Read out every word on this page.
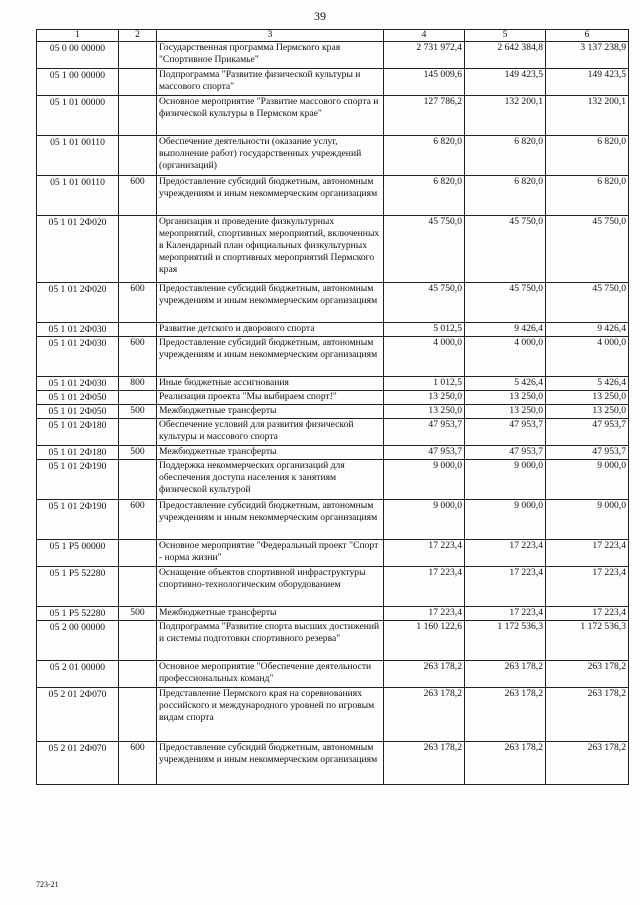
39
1	2	3	4	5	6
05 0 00 00000		Государственная программа Пермского края "Спортивное Прикамье"	2 731 972,4	2 642 384,8	3 137 238,9
05 1 00 00000		Подпрограмма "Развитие физической культуры и массового спорта"	145 009,6	149 423,5	149 423,5
05 1 01 00000		Основное мероприятие "Развитие массового спорта и физической культуры в Пермском крае"	127 786,2	132 200,1	132 200,1
05 1 01 00110		Обеспечение деятельности (оказание услуг, выполнение работ) государственных учреждений (организаций)	6 820,0	6 820,0	6 820,0
05 1 01 00110	600	Предоставление субсидий бюджетным, автономным учреждениям и иным некоммерческим организациям	6 820,0	6 820,0	6 820,0
05 1 01 2Ф020		Организация и проведение физкультурных мероприятий, спортивных мероприятий, включенных в Календарный план официальных физкультурных мероприятий и спортивных мероприятий Пермского края	45 750,0	45 750,0	45 750,0
05 1 01 2Ф020	600	Предоставление субсидий бюджетным, автономным учреждениям и иным некоммерческим организациям	45 750,0	45 750,0	45 750,0
05 1 01 2Ф030		Развитие детского и дворового спорта	5 012,5	9 426,4	9 426,4
05 1 01 2Ф030	600	Предоставление субсидий бюджетным, автономным учреждениям и иным некоммерческим организациям	4 000,0	4 000,0	4 000,0
05 1 01 2Ф030	800	Иные бюджетные ассигнования	1 012,5	5 426,4	5 426,4
05 1 01 2Ф050		Реализация проекта "Мы выбираем спорт!"	13 250,0	13 250,0	13 250,0
05 1 01 2Ф050	500	Межбюджетные трансферты	13 250,0	13 250,0	13 250,0
05 1 01 2Ф180		Обеспечение условий для развития физической культуры и массового спорта	47 953,7	47 953,7	47 953,7
05 1 01 2Ф180	500	Межбюджетные трансферты	47 953,7	47 953,7	47 953,7
05 1 01 2Ф190		Поддержка некоммерческих организаций для обеспечения доступа населения к занятиям физической культурой	9 000,0	9 000,0	9 000,0
05 1 01 2Ф190	600	Предоставление субсидий бюджетным, автономным учреждениям и иным некоммерческим организациям	9 000,0	9 000,0	9 000,0
05 1 P5 00000		Основное мероприятие "Федеральный проект "Спорт - норма жизни"	17 223,4	17 223,4	17 223,4
05 1 P5 52280		Оснащение объектов спортивной инфраструктуры спортивно-технологическим оборудованием	17 223,4	17 223,4	17 223,4
05 1 P5 52280	500	Межбюджетные трансферты	17 223,4	17 223,4	17 223,4
05 2 00 00000		Подпрограмма "Развитие спорта высших достижений и системы подготовки спортивного резерва"	1 160 122,6	1 172 536,3	1 172 536,3
05 2 01 00000		Основное мероприятие "Обеспечение деятельности профессиональных команд"	263 178,2	263 178,2	263 178,2
05 2 01 2Ф070		Представление Пермского края на соревнованиях российского и международного уровней по игровым видам спорта	263 178,2	263 178,2	263 178,2
05 2 01 2Ф070	600	Предоставление субсидий бюджетным, автономным учреждениям и иным некоммерческим организациям	263 178,2	263 178,2	263 178,2
723-21
